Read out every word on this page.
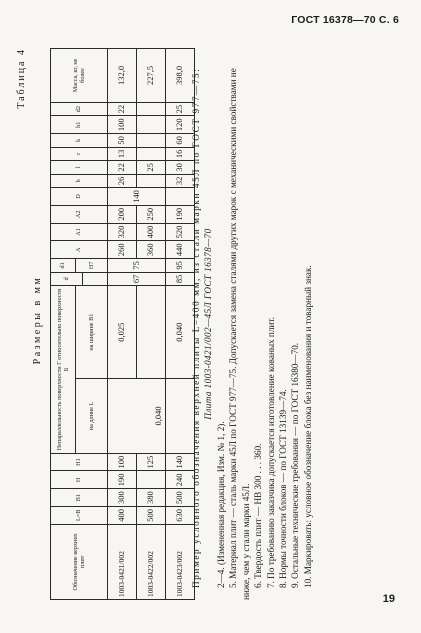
ГОСТ 16378—70 С. 6
Таблица 4
Размеры в мм
Обозначение верхних плит	L=B	B1	H	H1	Непараллельность поверхности Г относительно поверхности Б		d	d1	A	A1	A2	D	b	l	r	k	h1	d2	Масса, кг, не более
					на длине L	на ширине B1		H7											

1003-0421/002	400	300	190	100	0,040	0,025	67	75	260	320	200	140	26	22	13	50	100	22	132,0
1003-0422/002	500	380		125					360	400	250			25					227,5
1003-0423/002	630	500	240	140		0,040	85	95	440	520	190		32	30	16	60	120	25	398,0 Пример условного обозначения верхней плиты L=400 мм, из стали марки 45Л по ГОСТ 977—75: Плита 1003-0421/002—45Л ГОСТ 16378—70

2—4. (Измененная редакция, Изм. № 1, 2). 5. Материал плит — сталь марки 45Л по ГОСТ 977—75. Допускается замена сталями других марок с механическими свойствами не ниже, чем у стали марки 45Л. 6. Твердость плит — НВ 300 . . . 360. 7. По требованию заказчика допускается изготовление кованых плит. 8. Нормы точности блоков — по ГОСТ 13139—74. 9. Остальные технические требования — по ГОСТ 16380—70. 10. Маркировать: условное обозначение блока без наименования и товарный знак.

19
